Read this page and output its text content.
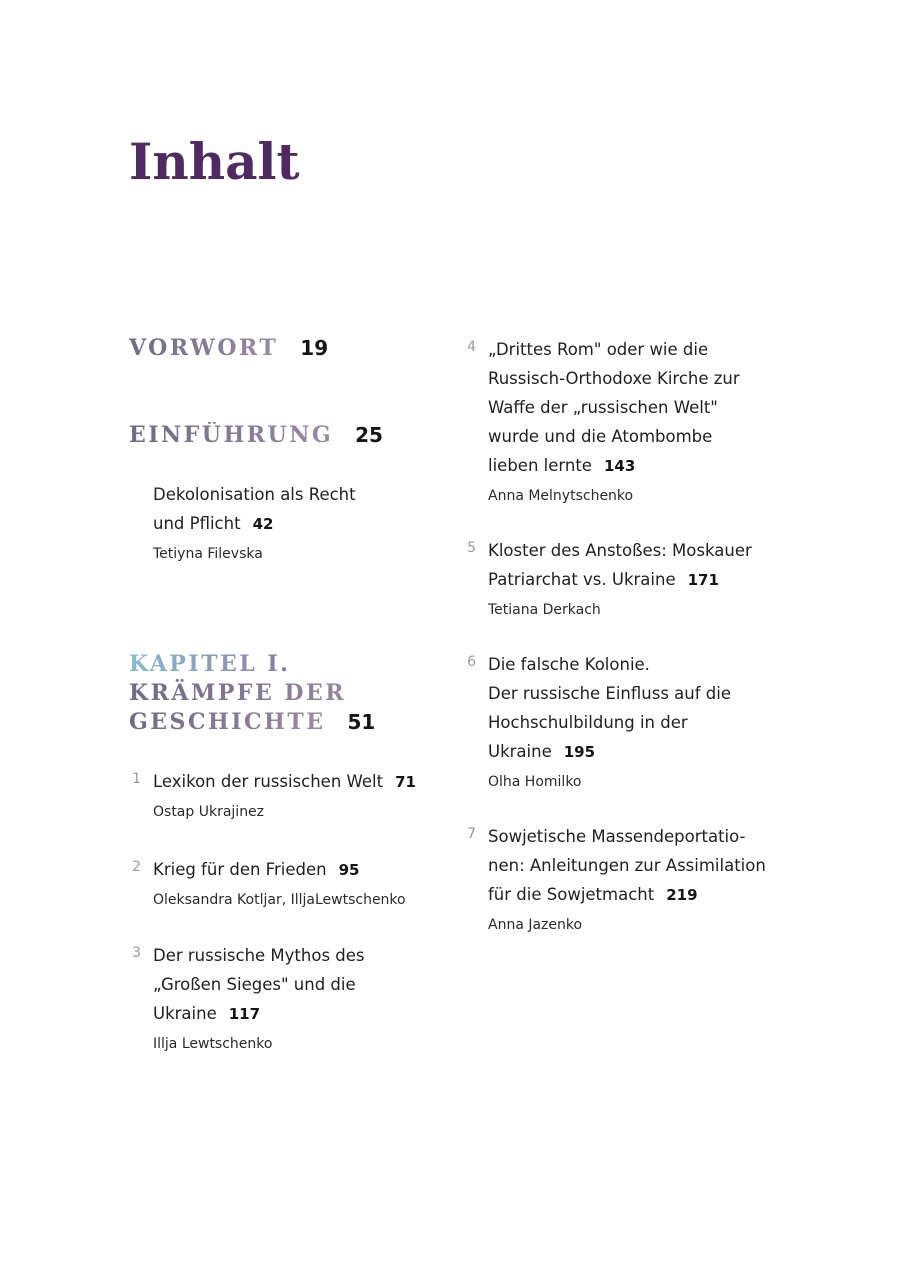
Inhalt
VORWORT 19
EINFÜHRUNG 25

Dekolonisation als Recht
und Pflicht 42

Tetiyna Filevska

KAPITEL I.
KRÄMPFE DER
GESCHICHTE 51
1 Lexikon der russischen Welt 71

Ostap Ukrajinez

2 Krieg für den Frieden 95

Oleksandra Kotljar, IlljaLewtschenko

3 Der russische Mythos des
„Großen Sieges" und die
Ukraine 117

Illja Lewtschenko

4 „Drittes Rom" oder wie die
Russisch-Orthodoxe Kirche zur
Waffe der „russischen Welt"
wurde und die Atombombe
lieben lernte 143

Anna Melnytschenko

5 Kloster des Anstoßes: Moskauer
Patriarchat vs. Ukraine 171

Tetiana Derkach

6 Die falsche Kolonie.
Der russische Einfluss auf die
Hochschulbildung in der
Ukraine 195

Olha Homilko

7 Sowjetische Massendeportatio-
nen: Anleitungen zur Assimilation
für die Sowjetmacht 219

Anna Jazenko
